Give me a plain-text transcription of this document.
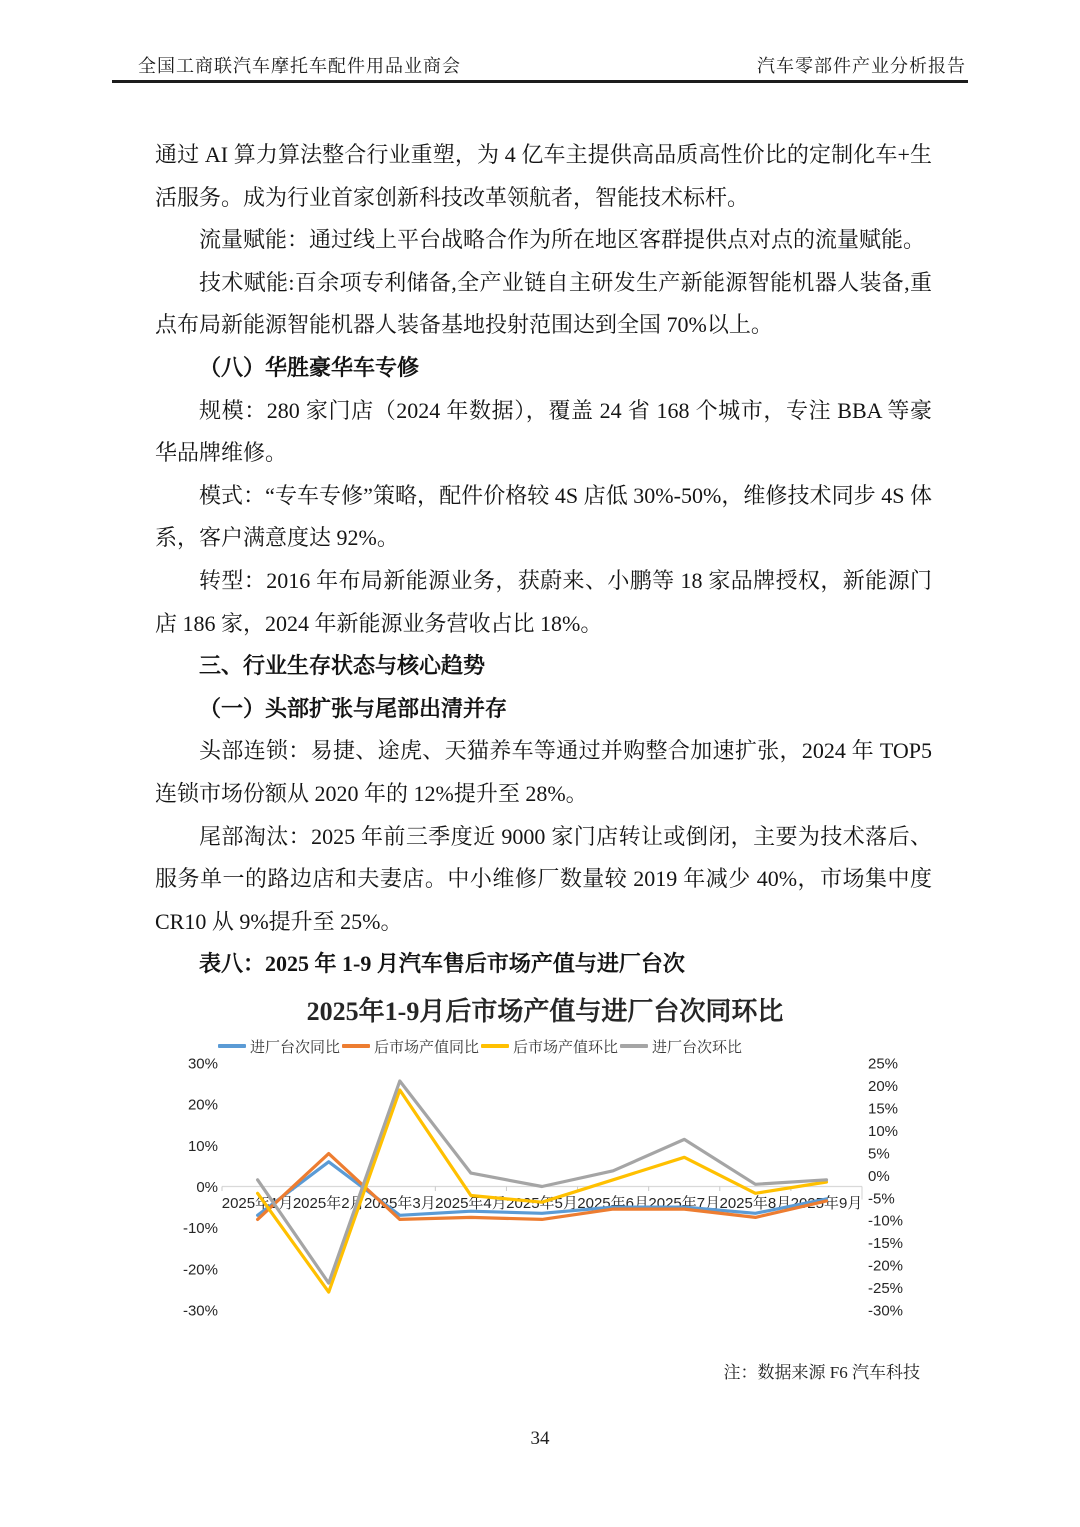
全国工商联汽车摩托车配件用品业商会	汽车零部件产业分析报告

通过 AI 算力算法整合行业重塑，为 4 亿车主提供高品质高性价比的定制化车+生活服务。成为行业首家创新科技改革领航者，智能技术标杆。

流量赋能：通过线上平台战略合作为所在地区客群提供点对点的流量赋能。

技术赋能:百余项专利储备,全产业链自主研发生产新能源智能机器人装备,重点布局新能源智能机器人装备基地投射范围达到全国 70%以上。

（八）华胜豪华车专修

规模：280 家门店（2024 年数据），覆盖 24 省 168 个城市，专注 BBA 等豪华品牌维修。

模式：“专车专修”策略，配件价格较 4S 店低 30%-50%，维修技术同步 4S 体系，客户满意度达 92%。

转型：2016 年布局新能源业务，获蔚来、小鹏等 18 家品牌授权，新能源门店 186 家，2024 年新能源业务营收占比 18%。

三、行业生存状态与核心趋势

（一）头部扩张与尾部出清并存

头部连锁：易捷、途虎、天猫养车等通过并购整合加速扩张，2024 年 TOP5 连锁市场份额从 2020 年的 12%提升至 28%。

尾部淘汰：2025 年前三季度近 9000 家门店转让或倒闭，主要为技术落后、服务单一的路边店和夫妻店。中小维修厂数量较 2019 年减少 40%，市场集中度 CR10 从 9%提升至 25%。

表八：2025 年 1-9 月汽车售后市场产值与进厂台次

2025年1-9月后市场产值与进厂台次同环比
进厂台次同比 后市场产值同比 后市场产值环比 进厂台次环比
30%
20%
10%
0%
-10%
-20%
-30%
25%
20%
15%
10%
5%
0%
-5%
-10%
-15%
-20%
-25%
-30%
2025年1月 2025年2月 2025年3月 2025年4月 2025年5月 2025年6月 2025年7月 2025年8月 2025年9月
注：数据来源 F6 汽车科技
34
